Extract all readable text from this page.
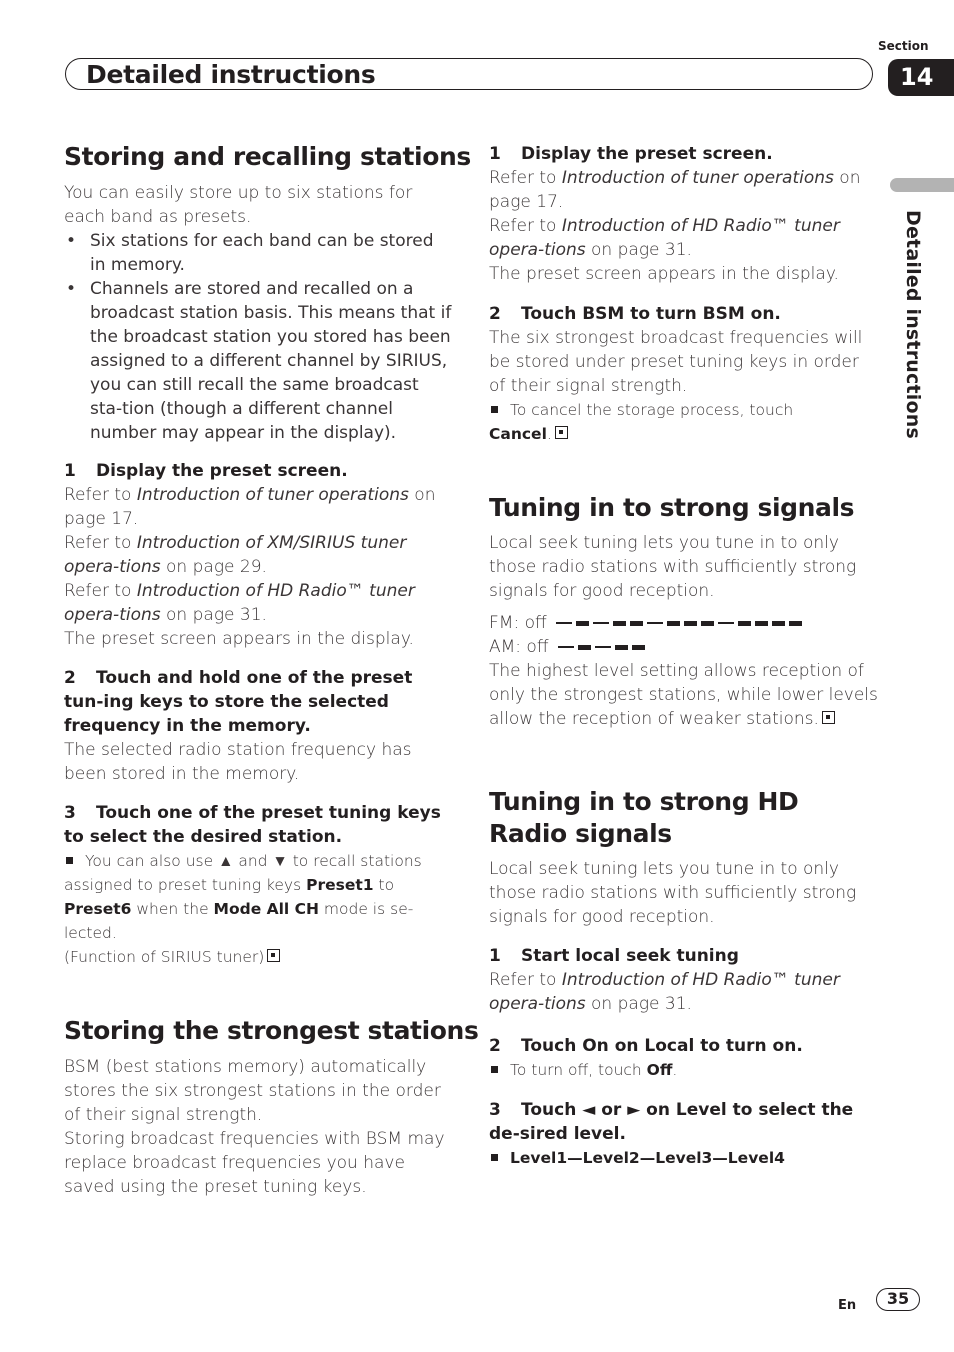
Detailed instructions
Section
14
Detailed instructions
Storing and recalling stations

You can easily store up to six stations for each band as presets.

• Six stations for each band can be stored in memory.
• Channels are stored and recalled on a broadcast station basis. This means that if the broadcast station you stored has been assigned to a different channel by SIRIUS, you can still recall the same broadcast sta-tion (though a different channel number may appear in the display).
1 Display the preset screen.

Refer to Introduction of tuner operations on page 17.

Refer to Introduction of XM/SIRIUS tuner opera-tions on page 29.

Refer to Introduction of HD Radio™ tuner opera-tions on page 31.

The preset screen appears in the display.

2 Touch and hold one of the preset tun-ing keys to store the selected frequency in the memory.

The selected radio station frequency has been stored in the memory.

3 Touch one of the preset tuning keys to select the desired station.

You can also use ▲ and ▼ to recall stations assigned to preset tuning keys Preset1 to Preset6 when the Mode All CH mode is se-lected.

(Function of SIRIUS tuner)

Storing the strongest stations

BSM (best stations memory) automatically stores the six strongest stations in the order of their signal strength.

Storing broadcast frequencies with BSM may replace broadcast frequencies you have saved using the preset tuning keys.

1 Display the preset screen.

Refer to Introduction of tuner operations on page 17.

Refer to Introduction of HD Radio™ tuner opera-tions on page 31.

The preset screen appears in the display.

2 Touch BSM to turn BSM on.

The six strongest broadcast frequencies will be stored under preset tuning keys in order of their signal strength.

To cancel the storage process, touch

Cancel.

Tuning in to strong signals

Local seek tuning lets you tune in to only those radio stations with sufficiently strong signals for good reception.

FM: off

AM: off

The highest level setting allows reception of only the strongest stations, while lower levels allow the reception of weaker stations.

Tuning in to strong HD
Radio signals

Local seek tuning lets you tune in to only those radio stations with sufficiently strong signals for good reception.

1 Start local seek tuning

Refer to Introduction of HD Radio™ tuner opera-tions on page 31.

2 Touch On on Local to turn on.

To turn off, touch Off.

3 Touch ◄ or ► on Level to select the de-sired level.

Level1—Level2—Level3—Level4

En	35
